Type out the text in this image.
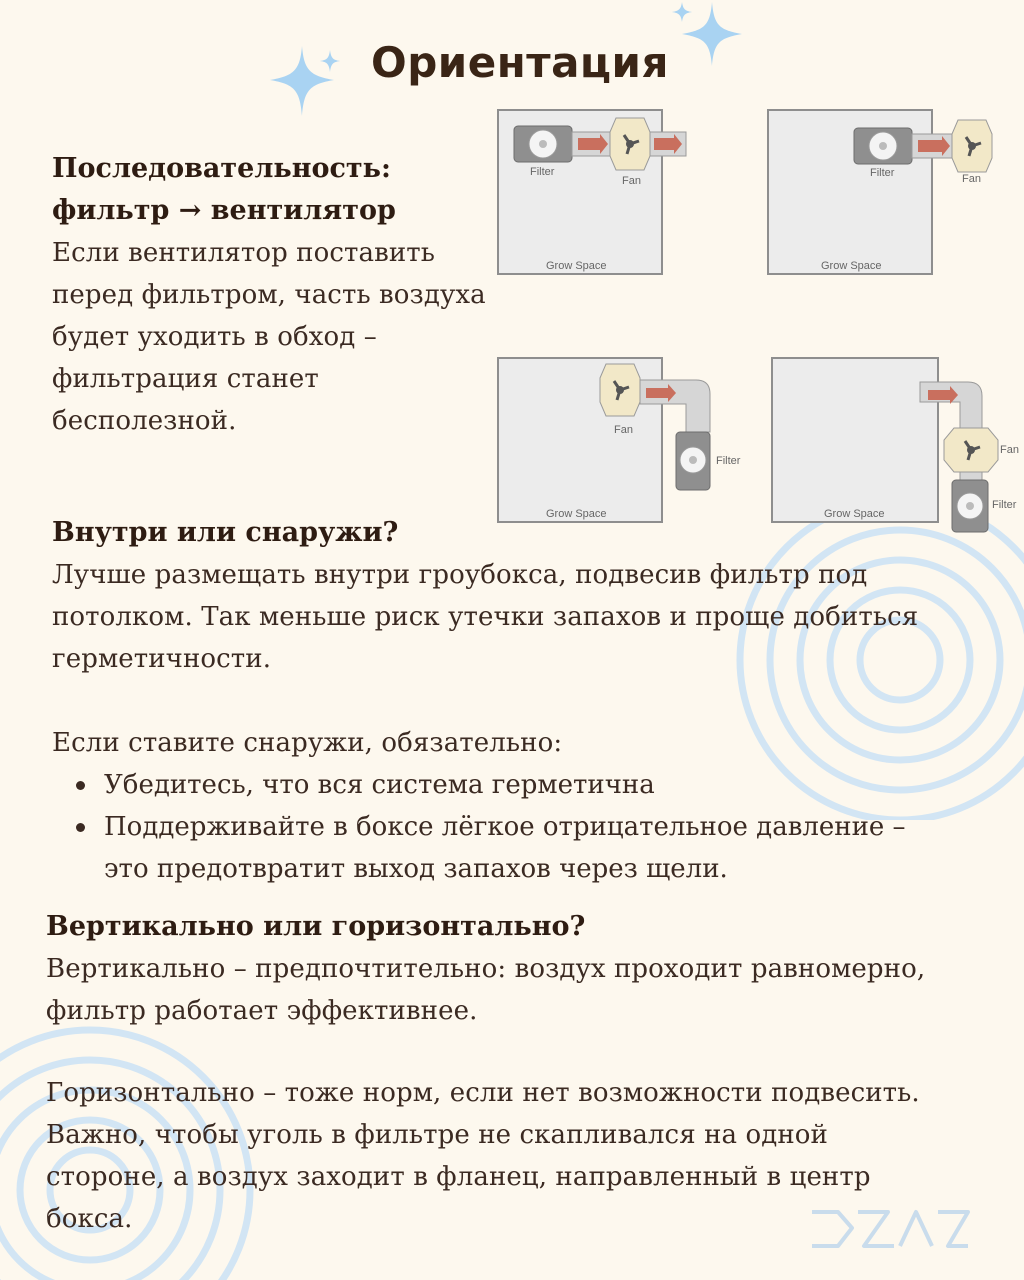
Ориентация
Последовательность:
фильтр → вентилятор
Если вентилятор поставить
перед фильтром, часть воздуха
будет уходить в обход –
фильтрация станет
бесполезной.
Filter
Fan
Grow Space
Filter	Fan
Grow Space
Fan
Filter
Grow Space
Fan
Filter
Grow Space
Внутри или снаружи?
Лучше размещать внутри гроубокса, подвесив фильтр под
потолком. Так меньше риск утечки запахов и проще добиться
герметичности.
Если ставите снаружи, обязательно:
Убедитесь, что вся система герметична
Поддерживайте в боксе лёгкое отрицательное давление –
это предотвратит выход запахов через щели.
Вертикально или горизонтально?
Вертикально – предпочтительно: воздух проходит равномерно,
фильтр работает эффективнее.
Горизонтально – тоже норм, если нет возможности подвесить.
Важно, чтобы уголь в фильтре не скапливался на одной
стороне, а воздух заходит в фланец, направленный в центр
бокса.
